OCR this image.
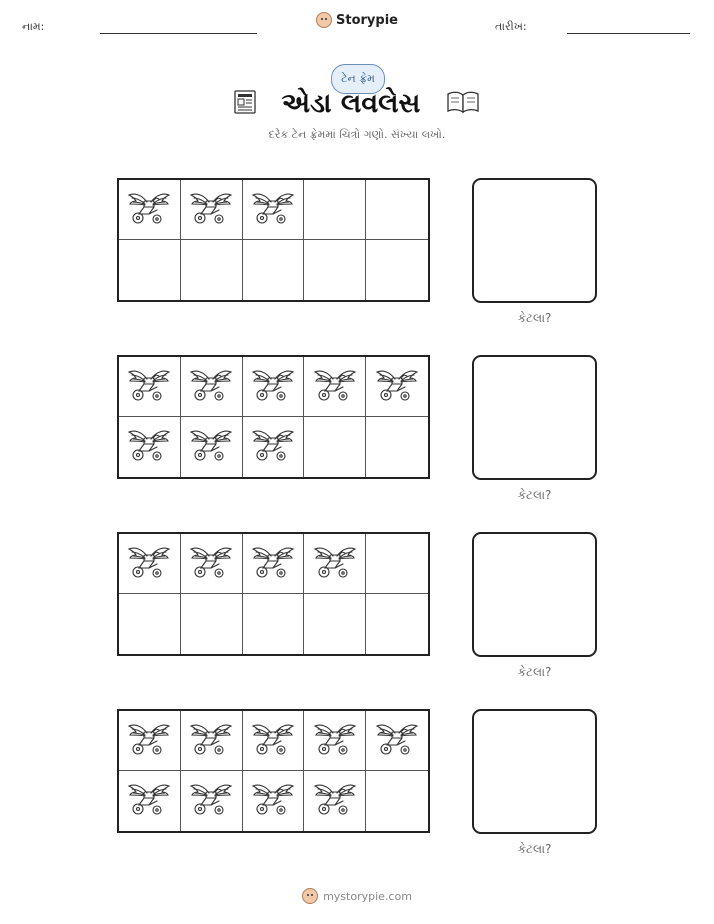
નામ:	Storypie	તારીખ:
ટેન ફ્રેમ
એડા લવલેસ
દરેક ટેન ફ્રેમમાં ચિત્રો ગણો. સંખ્યા લખો.
કેટલા?
કેટલા?
કેટલા?
કેટલા?
mystorypie.com
